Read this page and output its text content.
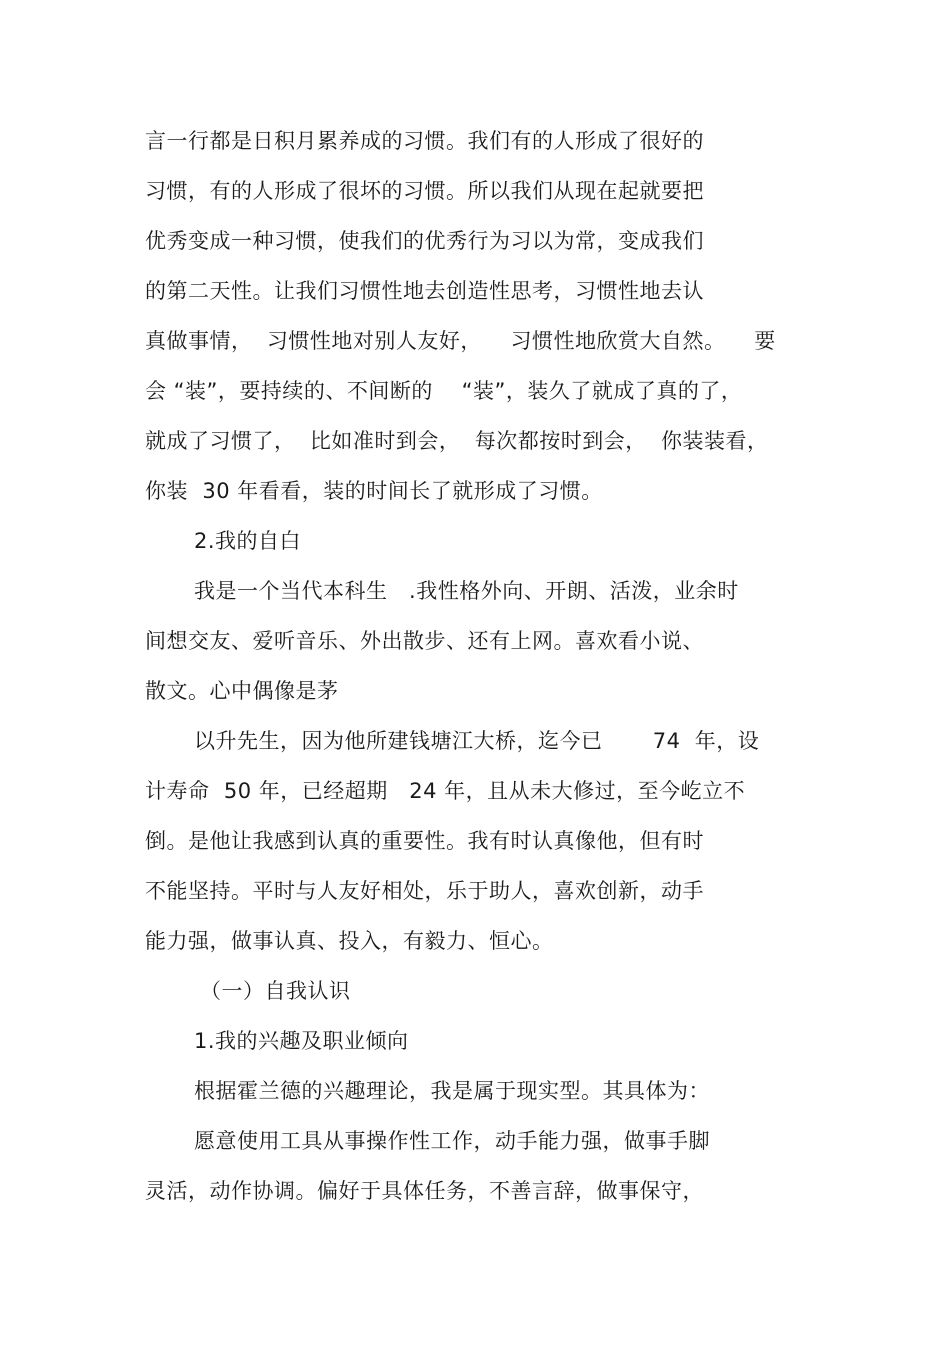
言一行都是日积月累养成的习惯。我们有的人形成了很好的
习惯，有的人形成了很坏的习惯。所以我们从现在起就要把
优秀变成一种习惯，使我们的优秀行为习以为常，变成我们
的第二天性。让我们习惯性地去创造性思考，习惯性地去认
真做事情，  习惯性地对别人友好，    习惯性地欣赏大自然。    要
会 “装”，要持续的、不间断的    “装”，装久了就成了真的了，
就成了习惯了，  比如准时到会，  每次都按时到会，  你装装看，
你装  30 年看看，装的时间长了就形成了习惯。
2.我的自白
我是一个当代本科生   .我性格外向、开朗、活泼，业余时
间想交友、爱听音乐、外出散步、还有上网。喜欢看小说、
散文。心中偶像是茅
以升先生，因为他所建钱塘江大桥，迄今已       74  年，设
计寿命  50 年，已经超期   24 年，且从未大修过，至今屹立不
倒。是他让我感到认真的重要性。我有时认真像他，但有时
不能坚持。平时与人友好相处，乐于助人，喜欢创新，动手
能力强，做事认真、投入，有毅力、恒心。
（一）自我认识
1.我的兴趣及职业倾向
根据霍兰德的兴趣理论，我是属于现实型。其具体为：
愿意使用工具从事操作性工作，动手能力强，做事手脚
灵活，动作协调。偏好于具体任务，不善言辞，做事保守，
